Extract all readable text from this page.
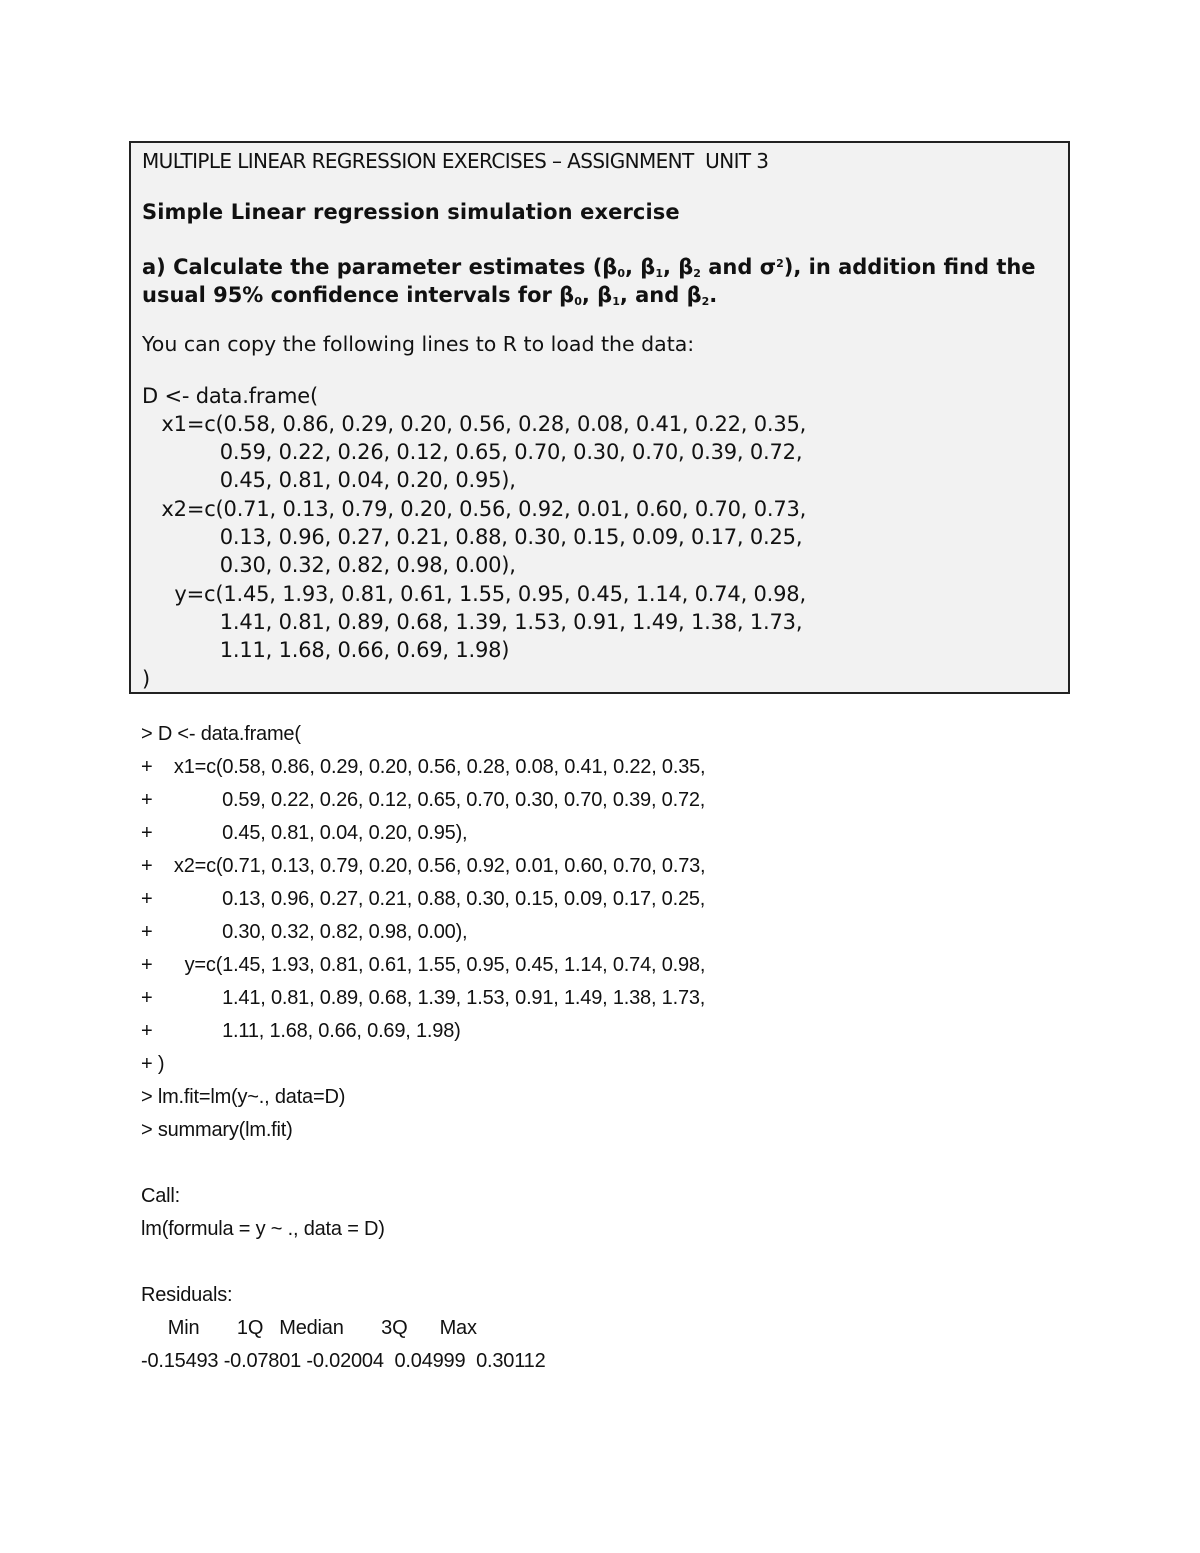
MULTIPLE LINEAR REGRESSION EXERCISES – ASSIGNMENT  UNIT 3
Simple Linear regression simulation exercise
a) Calculate the parameter estimates ($\beta_0$, $\beta_1$, $\beta_2$ and $\sigma^2$), in addition find the usual 95% confidence intervals for $\beta_0$, $\beta_1$, and $\beta_2$.
You can copy the following lines to R to load the data:
D <- data.frame(
x1=c(0.58, 0.86, 0.29, 0.20, 0.56, 0.28, 0.08, 0.41, 0.22, 0.35,
0.59, 0.22, 0.26, 0.12, 0.65, 0.70, 0.30, 0.70, 0.39, 0.72,
0.45, 0.81, 0.04, 0.20, 0.95),
x2=c(0.71, 0.13, 0.79, 0.20, 0.56, 0.92, 0.01, 0.60, 0.70, 0.73,
0.13, 0.96, 0.27, 0.21, 0.88, 0.30, 0.15, 0.09, 0.17, 0.25,
0.30, 0.32, 0.82, 0.98, 0.00),
y=c(1.45, 1.93, 0.81, 0.61, 1.55, 0.95, 0.45, 1.14, 0.74, 0.98,
1.41, 0.81, 0.89, 0.68, 1.39, 1.53, 0.91, 1.49, 1.38, 1.73,
1.11, 1.68, 0.66, 0.69, 1.98)
)
> D <- data.frame(
+    x1=c(0.58, 0.86, 0.29, 0.20, 0.56, 0.28, 0.08, 0.41, 0.22, 0.35,
+             0.59, 0.22, 0.26, 0.12, 0.65, 0.70, 0.30, 0.70, 0.39, 0.72,
+             0.45, 0.81, 0.04, 0.20, 0.95),
+    x2=c(0.71, 0.13, 0.79, 0.20, 0.56, 0.92, 0.01, 0.60, 0.70, 0.73,
+             0.13, 0.96, 0.27, 0.21, 0.88, 0.30, 0.15, 0.09, 0.17, 0.25,
+             0.30, 0.32, 0.82, 0.98, 0.00),
+      y=c(1.45, 1.93, 0.81, 0.61, 1.55, 0.95, 0.45, 1.14, 0.74, 0.98,
+             1.41, 0.81, 0.89, 0.68, 1.39, 1.53, 0.91, 1.49, 1.38, 1.73,
+             1.11, 1.68, 0.66, 0.69, 1.98)
+ )
> lm.fit=lm(y~., data=D)
> summary(lm.fit)
Call:
lm(formula = y ~ ., data = D)
Residuals:
Min       1Q   Median       3Q      Max
-0.15493 -0.07801 -0.02004  0.04999  0.30112
